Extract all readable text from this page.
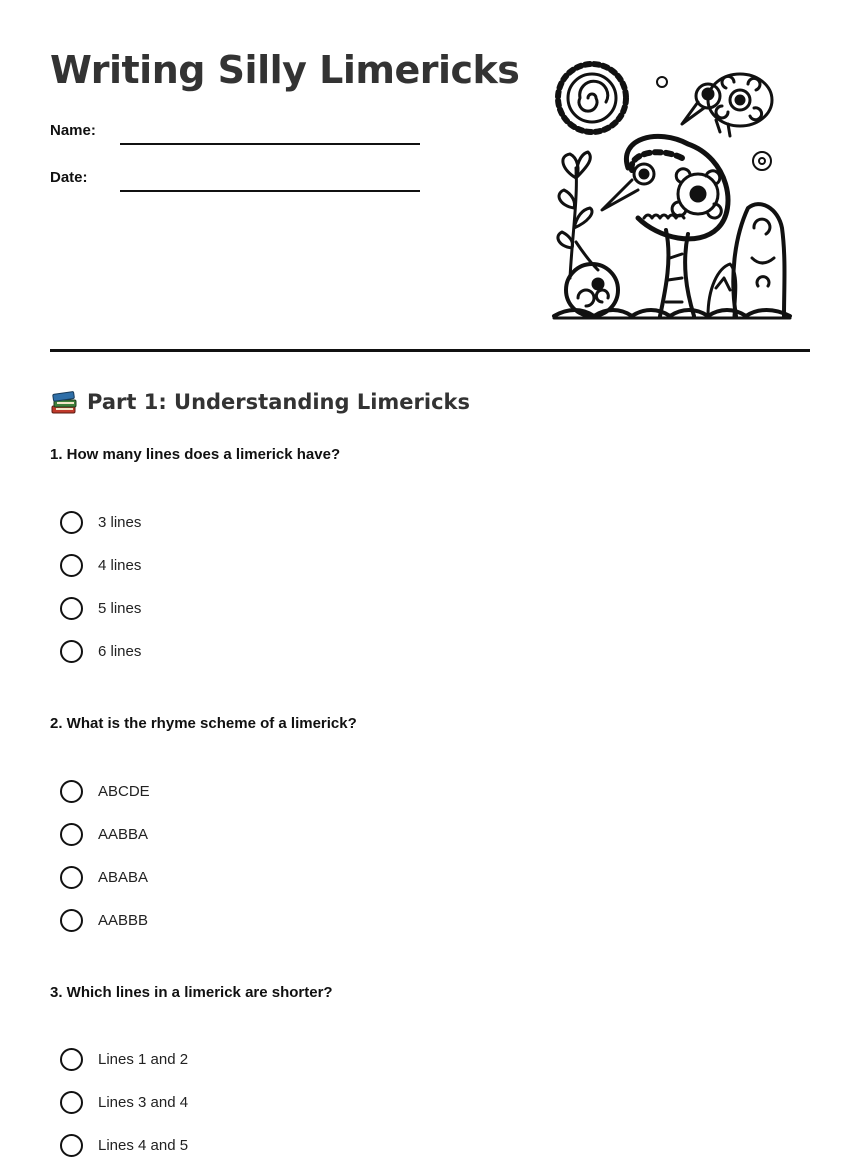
Writing Silly Limericks
Name:
Date:
Part 1: Understanding Limericks
1. How many lines does a limerick have?
3 lines
4 lines
5 lines
6 lines
2. What is the rhyme scheme of a limerick?
ABCDE
AABBA
ABABA
AABBB
3. Which lines in a limerick are shorter?
Lines 1 and 2
Lines 3 and 4
Lines 4 and 5
